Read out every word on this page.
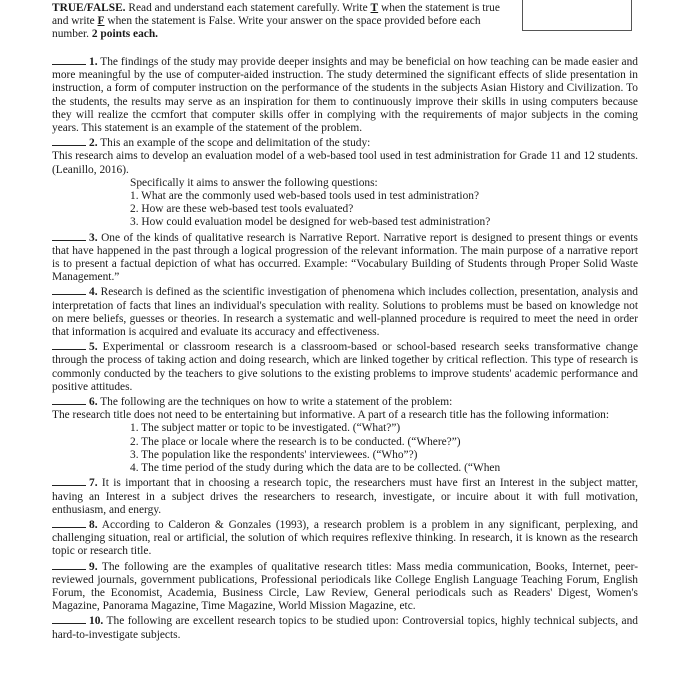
TRUE/FALSE. Read and understand each statement carefully. Write T when the statement is true and write F when the statement is False. Write your answer on the space provided before each number. 2 points each.

1. The findings of the study may provide deeper insights and may be beneficial on how teaching can be made easier and more meaningful by the use of computer-aided instruction. The study determined the significant effects of slide presentation in instruction, a form of computer instruction on the performance of the students in the subjects Asian History and Civilization. To the students, the results may serve as an inspiration for them to continuously improve their skills in using computers because they will realize the ccmfort that computer skills offer in complying with the requirements of major subjects in the coming years. This statement is an example of the statement of the problem.

2. This an example of the scope and delimitation of the study:

This research aims to develop an evaluation model of a web-based tool used in test administration for Grade 11 and 12 students. (Leanillo, 2016).

Specifically it aims to answer the following questions:

1. What are the commonly used web-based tools used in test administration?
2. How are these web-based test tools evaluated?
3. How could evaluation model be designed for web-based test administration?

3. One of the kinds of qualitative research is Narrative Report. Narrative report is designed to present things or events that have happened in the past through a logical progression of the relevant information. The main purpose of a narrative report is to present a factual depiction of what has occurred. Example: “Vocabulary Building of Students through Proper Solid Waste Management.”

4. Research is defined as the scientific investigation of phenomena which includes collection, presentation, analysis and interpretation of facts that lines an individual's speculation with reality. Solutions to problems must be based on knowledge not on mere beliefs, guesses or theories. In research a systematic and well-planned procedure is required to meet the need in order that information is acquired and evaluate its accuracy and effectiveness.

5. Experimental or classroom research is a classroom-based or school-based research seeks transformative change through the process of taking action and doing research, which are linked together by critical reflection. This type of research is commonly conducted by the teachers to give solutions to the existing problems to improve students' academic performance and positive attitudes.

6. The following are the techniques on how to write a statement of the problem:

The research title does not need to be entertaining but informative. A part of a research title has the following information:

1. The subject matter or topic to be investigated. (“What?”)
2. The place or locale where the research is to be conducted. (“Where?”)
3. The population like the respondents' interviewees. (“Who”?)
4. The time period of the study during which the data are to be collected. (“When

7. It is important that in choosing a research topic, the researchers must have first an Interest in the subject matter, having an Interest in a subject drives the researchers to research, investigate, or incuire about it with full motivation, enthusiasm, and energy.

8. According to Calderon & Gonzales (1993), a research problem is a problem in any significant, perplexing, and challenging situation, real or artificial, the solution of which requires reflexive thinking. In research, it is known as the research topic or research title.

9. The following are the examples of qualitative research titles: Mass media communication, Books, Internet, peer-reviewed journals, government publications, Professional periodicals like College English Language Teaching Forum, English Forum, the Economist, Academia, Business Circle, Law Review, General periodicals such as Readers' Digest, Women's Magazine, Panorama Magazine, Time Magazine, World Mission Magazine, etc.

10. The following are excellent research topics to be studied upon: Controversial topics, highly technical subjects, and hard-to-investigate subjects.
